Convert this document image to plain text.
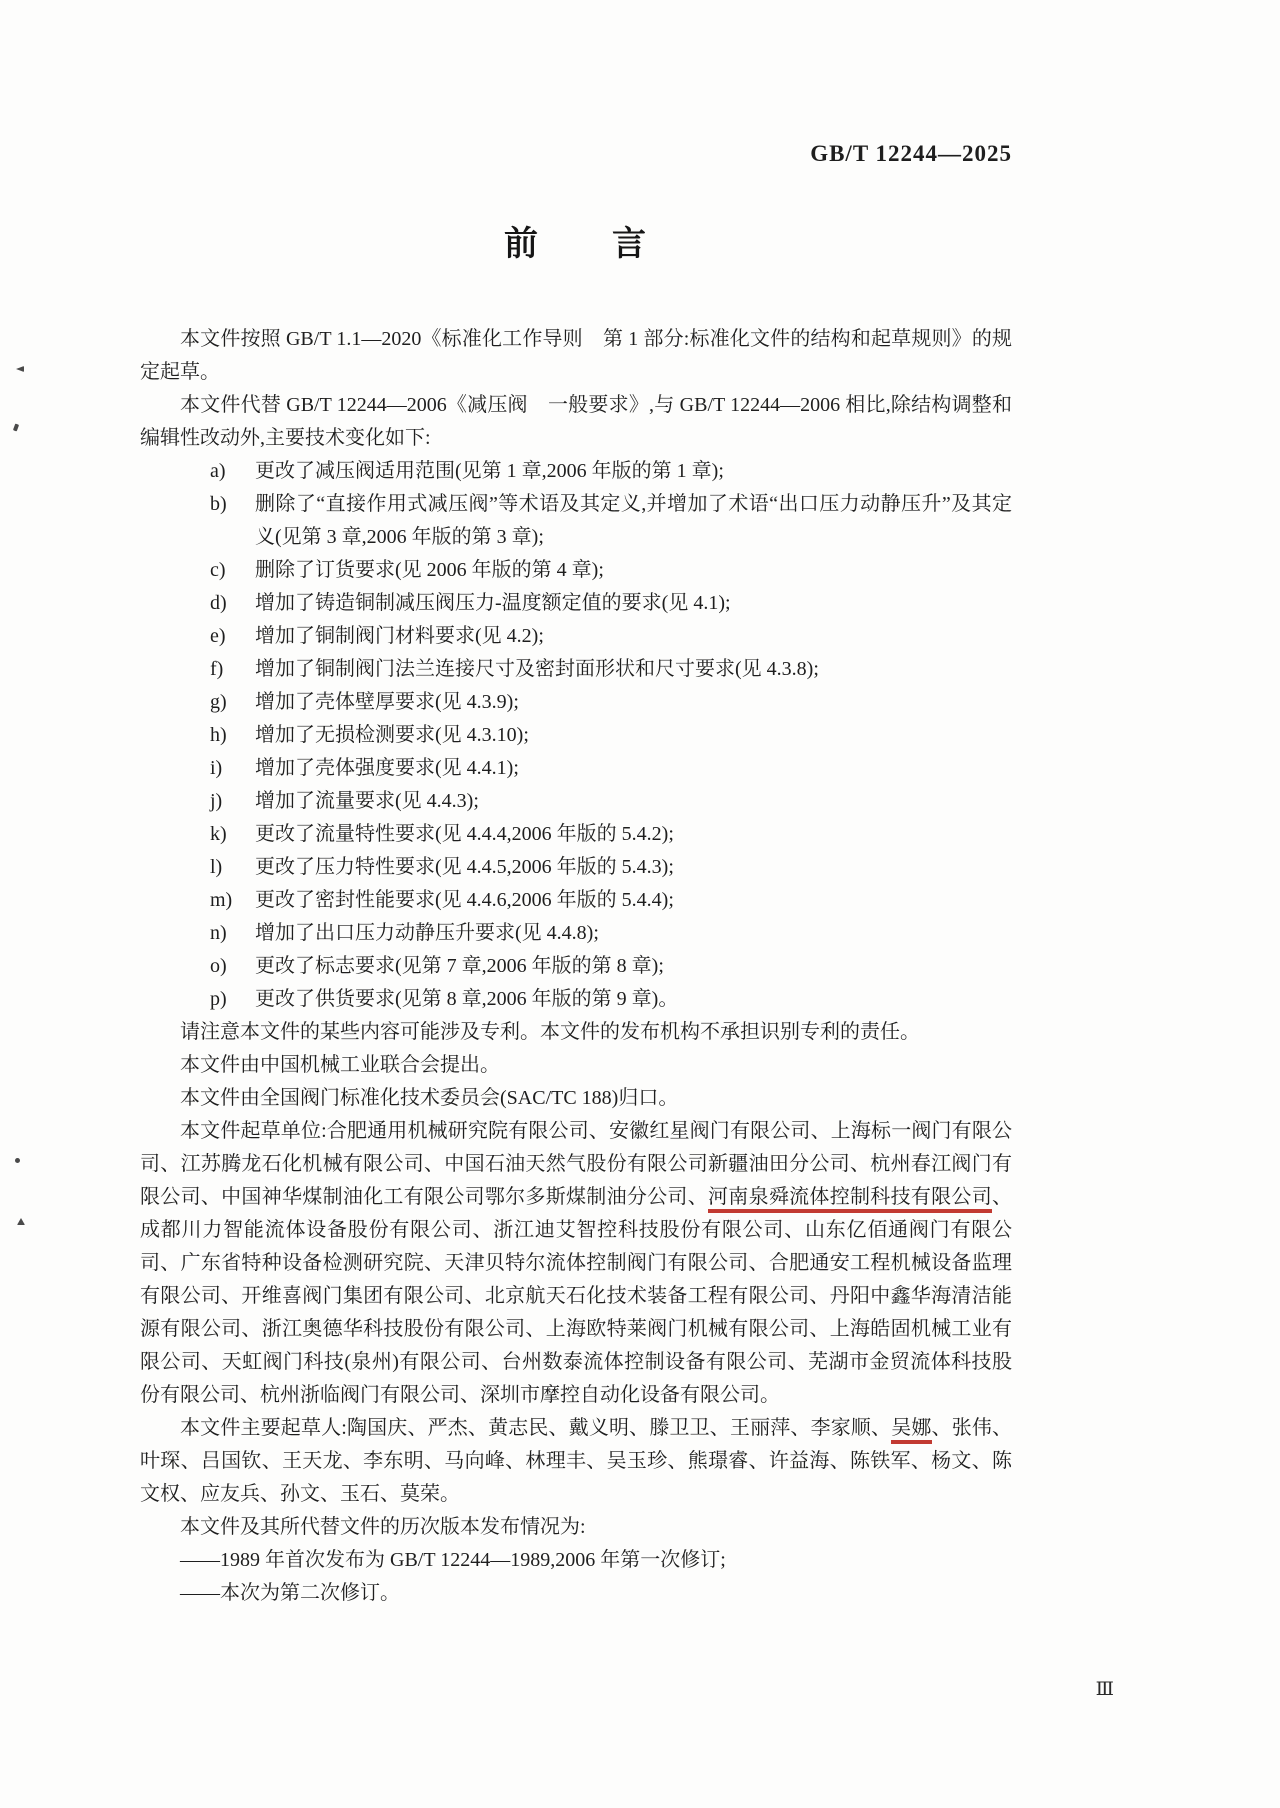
GB/T 12244—2025
前　　言

本文件按照 GB/T 1.1—2020《标准化工作导则　第 1 部分:标准化文件的结构和起草规则》的规定起草。

本文件代替 GB/T 12244—2006《减压阀　一般要求》,与 GB/T 12244—2006 相比,除结构调整和编辑性改动外,主要技术变化如下:

a)	更改了减压阀适用范围(见第 1 章,2006 年版的第 1 章);
b)	删除了“直接作用式减压阀”等术语及其定义,并增加了术语“出口压力动静压升”及其定义(见第 3 章,2006 年版的第 3 章);
c)	删除了订货要求(见 2006 年版的第 4 章);
d)	增加了铸造铜制减压阀压力-温度额定值的要求(见 4.1);
e)	增加了铜制阀门材料要求(见 4.2);
f)	增加了铜制阀门法兰连接尺寸及密封面形状和尺寸要求(见 4.3.8);
g)	增加了壳体壁厚要求(见 4.3.9);
h)	增加了无损检测要求(见 4.3.10);
i)	增加了壳体强度要求(见 4.4.1);
j)	增加了流量要求(见 4.4.3);
k)	更改了流量特性要求(见 4.4.4,2006 年版的 5.4.2);
l)	更改了压力特性要求(见 4.4.5,2006 年版的 5.4.3);
m)	更改了密封性能要求(见 4.4.6,2006 年版的 5.4.4);
n)	增加了出口压力动静压升要求(见 4.4.8);
o)	更改了标志要求(见第 7 章,2006 年版的第 8 章);
p)	更改了供货要求(见第 8 章,2006 年版的第 9 章)。

请注意本文件的某些内容可能涉及专利。本文件的发布机构不承担识别专利的责任。

本文件由中国机械工业联合会提出。

本文件由全国阀门标准化技术委员会(SAC/TC 188)归口。

本文件起草单位:合肥通用机械研究院有限公司、安徽红星阀门有限公司、上海标一阀门有限公司、江苏腾龙石化机械有限公司、中国石油天然气股份有限公司新疆油田分公司、杭州春江阀门有限公司、中国神华煤制油化工有限公司鄂尔多斯煤制油分公司、河南泉舜流体控制科技有限公司、成都川力智能流体设备股份有限公司、浙江迪艾智控科技股份有限公司、山东亿佰通阀门有限公司、广东省特种设备检测研究院、天津贝特尔流体控制阀门有限公司、合肥通安工程机械设备监理有限公司、开维喜阀门集团有限公司、北京航天石化技术装备工程有限公司、丹阳中鑫华海清洁能源有限公司、浙江奥德华科技股份有限公司、上海欧特莱阀门机械有限公司、上海皓固机械工业有限公司、天虹阀门科技(泉州)有限公司、台州数泰流体控制设备有限公司、芜湖市金贸流体科技股份有限公司、杭州浙临阀门有限公司、深圳市摩控自动化设备有限公司。

本文件主要起草人:陶国庆、严杰、黄志民、戴义明、滕卫卫、王丽萍、李家顺、吴娜、张伟、叶琛、吕国钦、王天龙、李东明、马向峰、林理丰、吴玉珍、熊璟睿、许益海、陈铁军、杨文、陈文权、应友兵、孙文、玉石、莫荣。

本文件及其所代替文件的历次版本发布情况为:

——1989 年首次发布为 GB/T 12244—1989,2006 年第一次修订;

——本次为第二次修订。

Ⅲ
